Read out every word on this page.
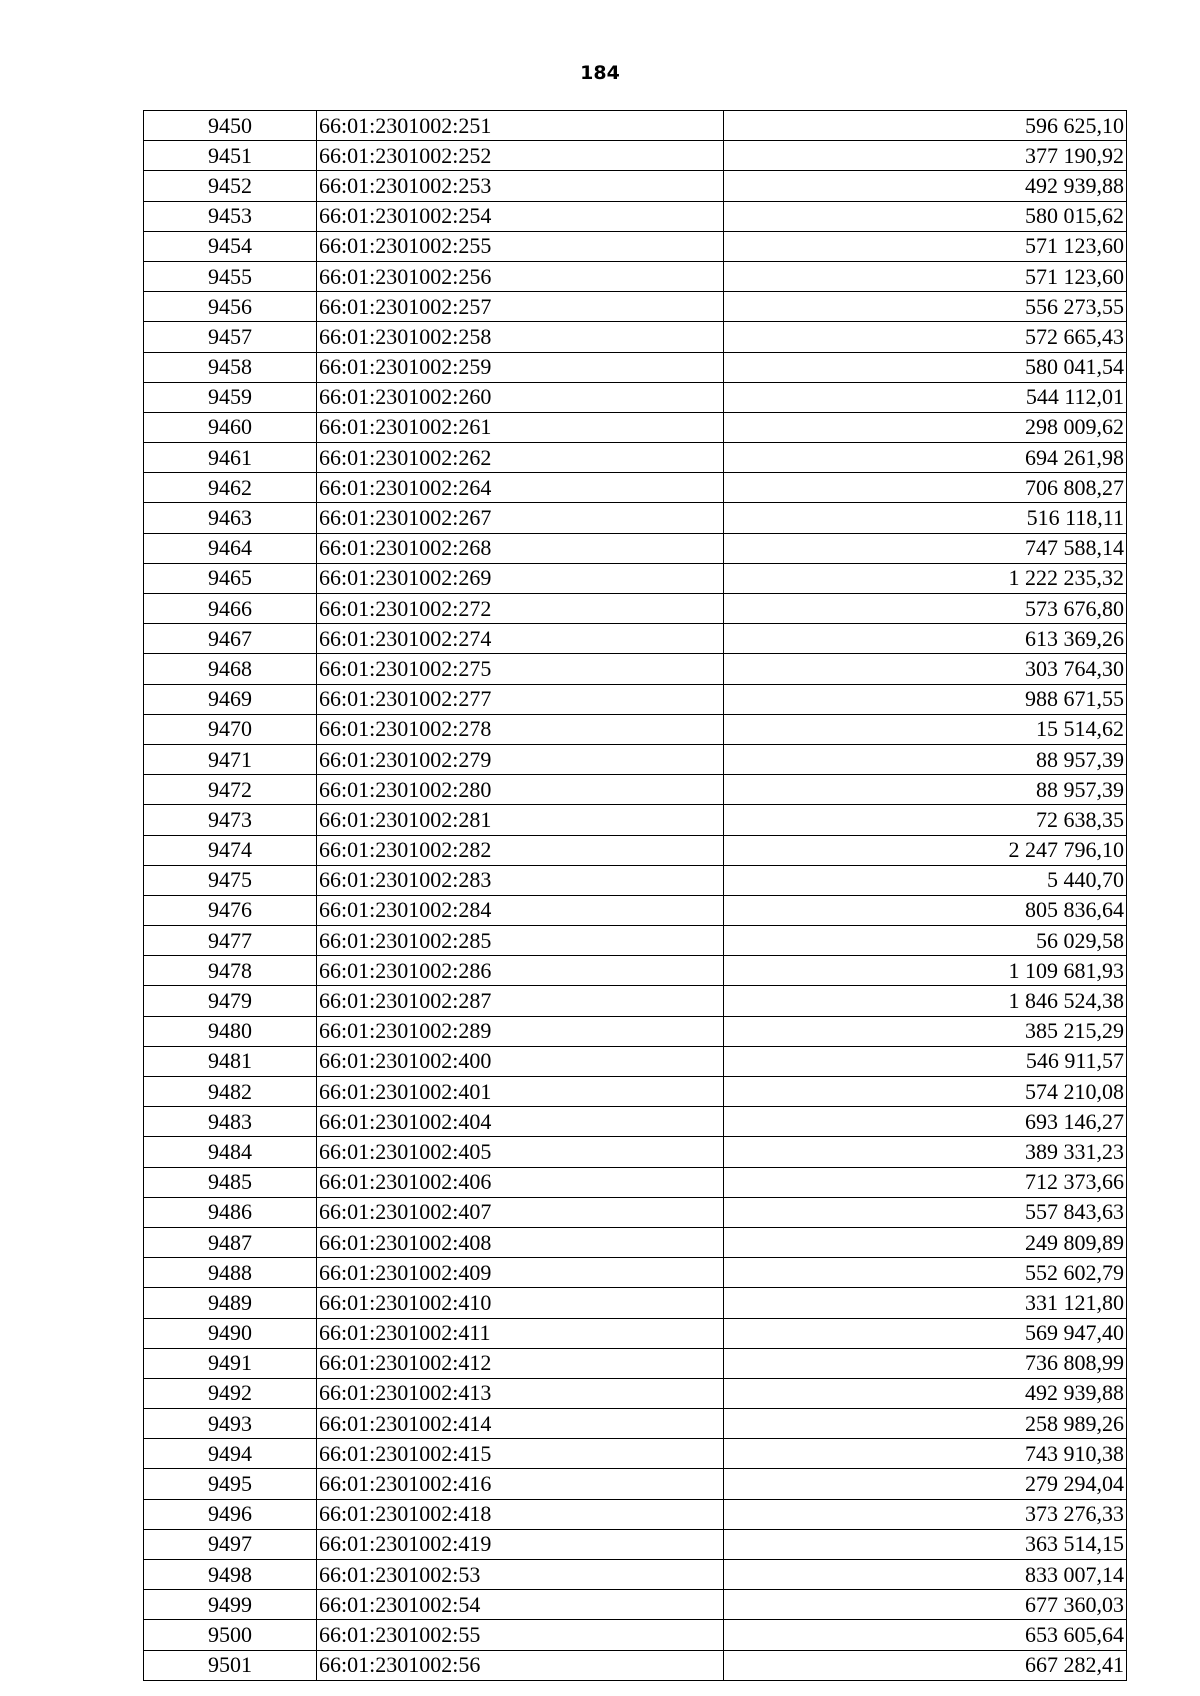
184
9450	66:01:2301002:251	596 625,10
9451	66:01:2301002:252	377 190,92
9452	66:01:2301002:253	492 939,88
9453	66:01:2301002:254	580 015,62
9454	66:01:2301002:255	571 123,60
9455	66:01:2301002:256	571 123,60
9456	66:01:2301002:257	556 273,55
9457	66:01:2301002:258	572 665,43
9458	66:01:2301002:259	580 041,54
9459	66:01:2301002:260	544 112,01
9460	66:01:2301002:261	298 009,62
9461	66:01:2301002:262	694 261,98
9462	66:01:2301002:264	706 808,27
9463	66:01:2301002:267	516 118,11
9464	66:01:2301002:268	747 588,14
9465	66:01:2301002:269	1 222 235,32
9466	66:01:2301002:272	573 676,80
9467	66:01:2301002:274	613 369,26
9468	66:01:2301002:275	303 764,30
9469	66:01:2301002:277	988 671,55
9470	66:01:2301002:278	15 514,62
9471	66:01:2301002:279	88 957,39
9472	66:01:2301002:280	88 957,39
9473	66:01:2301002:281	72 638,35
9474	66:01:2301002:282	2 247 796,10
9475	66:01:2301002:283	5 440,70
9476	66:01:2301002:284	805 836,64
9477	66:01:2301002:285	56 029,58
9478	66:01:2301002:286	1 109 681,93
9479	66:01:2301002:287	1 846 524,38
9480	66:01:2301002:289	385 215,29
9481	66:01:2301002:400	546 911,57
9482	66:01:2301002:401	574 210,08
9483	66:01:2301002:404	693 146,27
9484	66:01:2301002:405	389 331,23
9485	66:01:2301002:406	712 373,66
9486	66:01:2301002:407	557 843,63
9487	66:01:2301002:408	249 809,89
9488	66:01:2301002:409	552 602,79
9489	66:01:2301002:410	331 121,80
9490	66:01:2301002:411	569 947,40
9491	66:01:2301002:412	736 808,99
9492	66:01:2301002:413	492 939,88
9493	66:01:2301002:414	258 989,26
9494	66:01:2301002:415	743 910,38
9495	66:01:2301002:416	279 294,04
9496	66:01:2301002:418	373 276,33
9497	66:01:2301002:419	363 514,15
9498	66:01:2301002:53	833 007,14
9499	66:01:2301002:54	677 360,03
9500	66:01:2301002:55	653 605,64
9501	66:01:2301002:56	667 282,41
